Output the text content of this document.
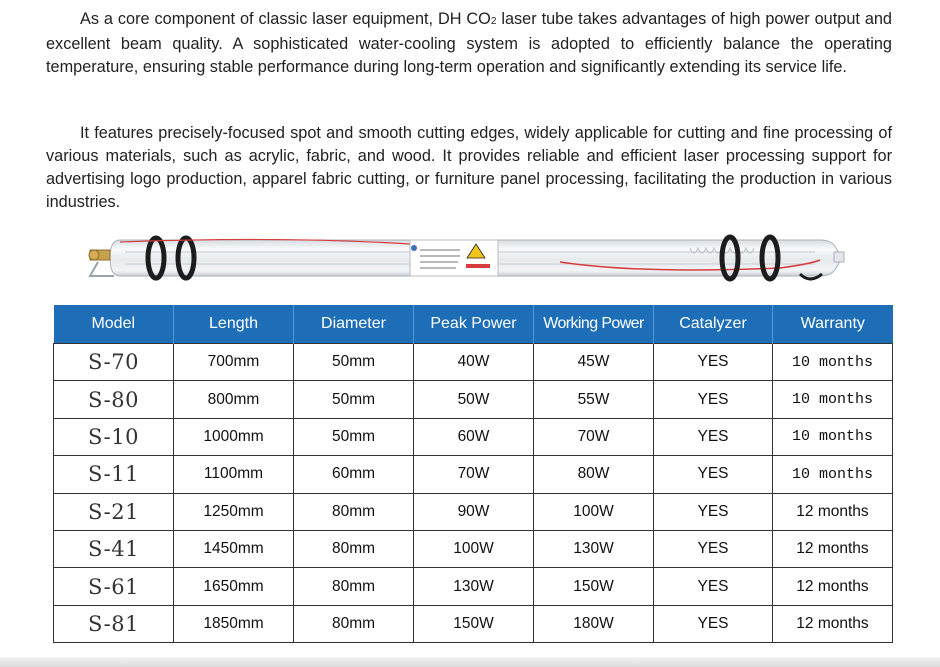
As a core component of classic laser equipment, DH CO2 laser tube takes advantages of high power output and excellent beam quality. A sophisticated water-cooling system is adopted to efficiently balance the operating temperature, ensuring stable performance during long-term operation and significantly extending its service life.

It features precisely-focused spot and smooth cutting edges, widely applicable for cutting and fine processing of various materials, such as acrylic, fabric, and wood. It provides reliable and efficient laser processing support for advertising logo production, apparel fabric cutting, or furniture panel processing, facilitating the production in various industries.

Model	Length	Diameter	Peak Power	Working Power	Catalyzer	Warranty
S-70	700mm	50mm	40W	45W	YES	10 months
S-80	800mm	50mm	50W	55W	YES	10 months
S-10	1000mm	50mm	60W	70W	YES	10 months
S-11	1100mm	60mm	70W	80W	YES	10 months
S-21	1250mm	80mm	90W	100W	YES	12 months
S-41	1450mm	80mm	100W	130W	YES	12 months
S-61	1650mm	80mm	130W	150W	YES	12 months
S-81	1850mm	80mm	150W	180W	YES	12 months
